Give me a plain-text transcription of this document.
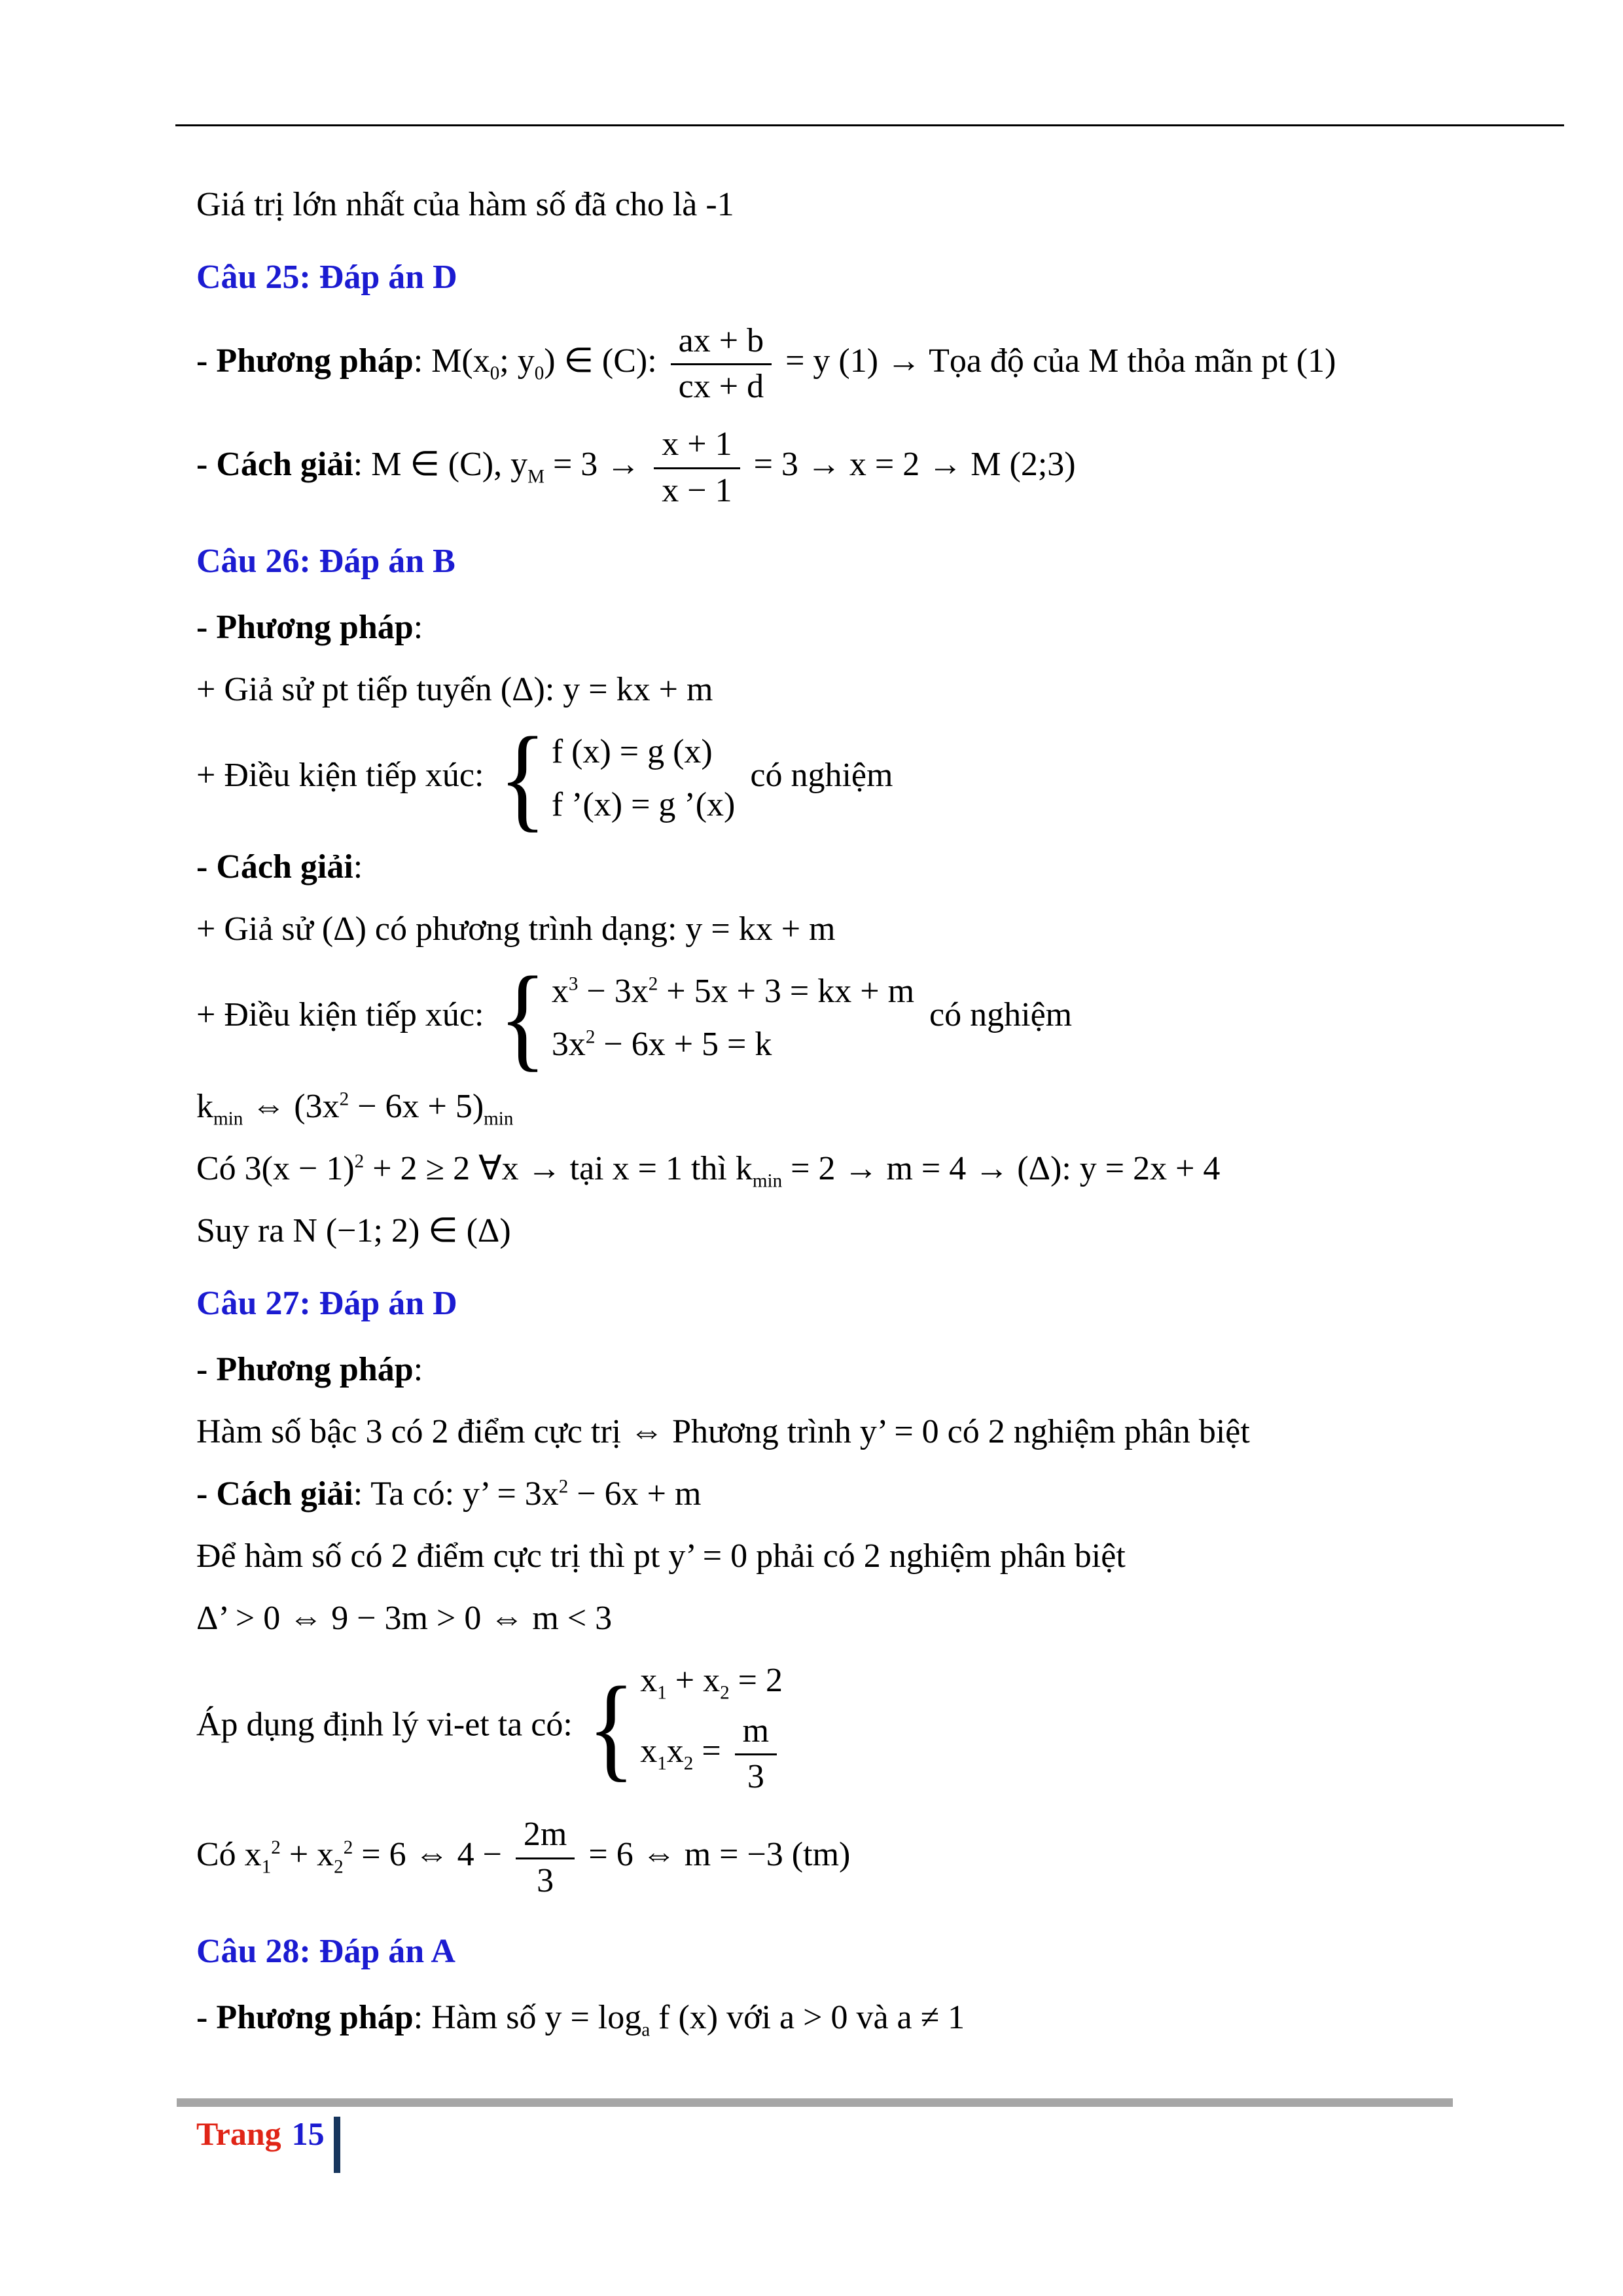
Giá trị lớn nhất của hàm số đã cho là -1

Câu 25: Đáp án D

- Phương pháp: $M(x_0$; $y_0$) ∈ (C): $\frac{ax + b}{cx + d} = y$ (1) → Tọa độ của M thỏa mãn pt (1)

- Cách giải: M ∈ (C), $y_M = 3 \to \frac{x + 1}{x - 1} = 3 \to x = 2 \to M$ (2;3)

Câu 26: Đáp án B

- Phương pháp:

+ Giả sử pt tiếp tuyến (Δ): y = kx + m

+ Điều kiện tiếp xúc: { f (x) = g (x)
f ’(x) = g ’(x)
có nghiệm

- Cách giải:

+ Giả sử (Δ) có phương trình dạng: y = kx + m

+ Điều kiện tiếp xúc: { $x^3 - 3x^2 + 5x + 3$ = kx + m
$3x^2 - 6x + 5 = k$
có nghiệm

$k_{min}$ ⇔ $(3x^2 - 6x + 5)_{min}$

Có $3(x - 1)^2 + 2 \ge 2$ ∀x → tại x = 1 thì $k_{min} = 2 \to m = 4 \to (\Delta)$: y = 2x + 4

Suy ra N (−1; 2) ∈ (Δ)

Câu 27: Đáp án D

- Phương pháp:

Hàm số bậc 3 có 2 điểm cực trị ⇔ Phương trình y’ = 0 có 2 nghiệm phân biệt

- Cách giải: Ta có: y’ = $3x^2 - 6x + m$

Để hàm số có 2 điểm cực trị thì pt y’ = 0 phải có 2 nghiệm phân biệt

Δ’ > 0 ⇔ 9 − 3m > 0 ⇔ m < 3

Áp dụng định lý vi-et ta có: { $x_1 + x_2 = 2$
$x_1x_2 = \frac{m}{3}$

Có $x_1^2 + x_2^2 = 6$ ⇔ $4 - \frac{2m}{3} = 6$ ⇔ m = −3 (tm)

Câu 28: Đáp án A

- Phương pháp: Hàm số $y = \log_a f$ (x) với a > 0 và a ≠ 1

Trang 15
